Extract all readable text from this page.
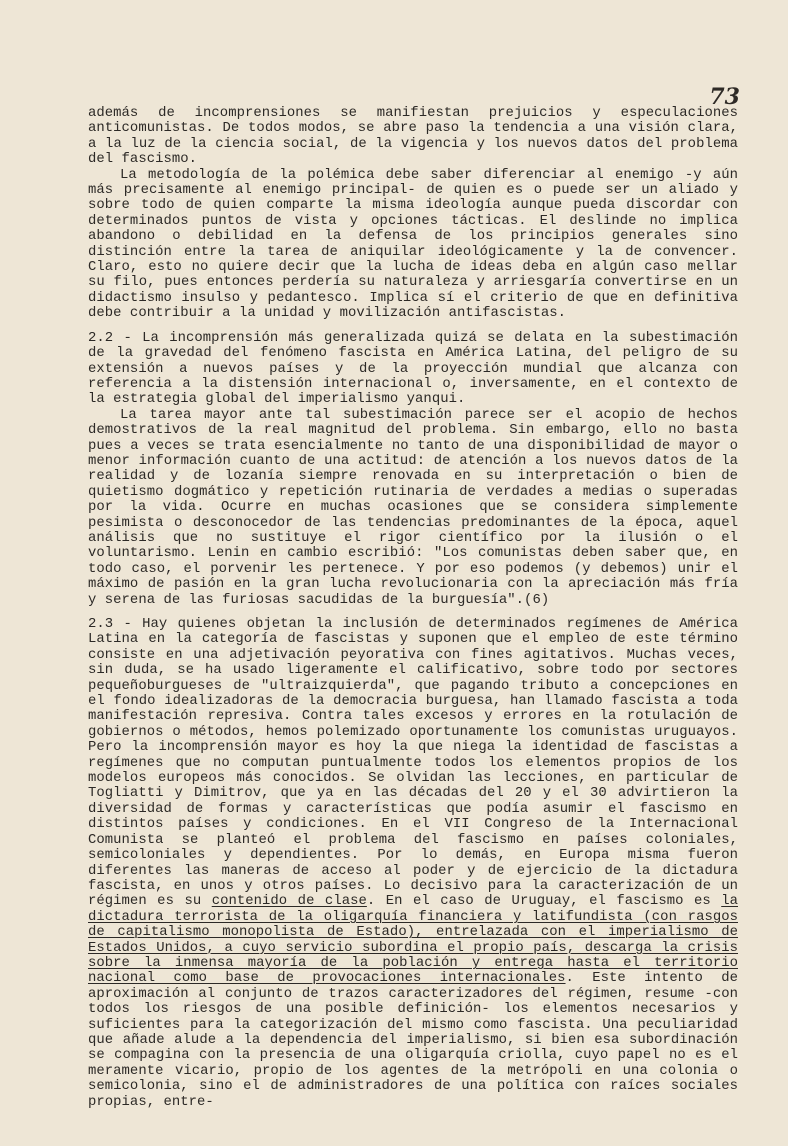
73

además de incomprensiones se manifiestan prejuicios y especulaciones anticomunistas. De todos modos, se abre paso la tendencia a una visión clara, a la luz de la ciencia social, de la vigencia y los nuevos datos del problema del fascismo.

La metodología de la polémica debe saber diferenciar al enemigo -y aún más precisamente al enemigo principal- de quien es o puede ser un aliado y sobre todo de quien comparte la misma ideología aunque pueda discordar con determinados puntos de vista y opciones tácticas. El deslinde no implica abandono o debilidad en la defensa de los principios generales sino distinción entre la tarea de aniquilar ideológicamente y la de convencer. Claro, esto no quiere decir que la lucha de ideas deba en algún caso mellar su filo, pues entonces perdería su naturaleza y arriesgaría convertirse en un didactismo insulso y pedantesco. Implica sí el criterio de que en definitiva debe contribuir a la unidad y movilización antifascistas.

2.2 - La incomprensión más generalizada quizá se delata en la subestimación de la gravedad del fenómeno fascista en América Latina, del peligro de su extensión a nuevos países y de la proyección mundial que alcanza con referencia a la distensión internacional o, inversamente, en el contexto de la estrategia global del imperialismo yanqui.

La tarea mayor ante tal subestimación parece ser el acopio de hechos demostrativos de la real magnitud del problema. Sin embargo, ello no basta pues a veces se trata esencialmente no tanto de una disponibilidad de mayor o menor información cuanto de una actitud: de atención a los nuevos datos de la realidad y de lozanía siempre renovada en su interpretación o bien de quietismo dogmático y repetición rutinaria de verdades a medias o superadas por la vida. Ocurre en muchas ocasiones que se considera simplemente pesimista o desconocedor de las tendencias predominantes de la época, aquel análisis que no sustituye el rigor científico por la ilusión o el voluntarismo. Lenin en cambio escribió: "Los comunistas deben saber que, en todo caso, el porvenir les pertenece. Y por eso podemos (y debemos) unir el máximo de pasión en la gran lucha revolucionaria con la apreciación más fría y serena de las furiosas sacudidas de la burguesía".(6)

2.3 - Hay quienes objetan la inclusión de determinados regímenes de América Latina en la categoría de fascistas y suponen que el empleo de este término consiste en una adjetivación peyorativa con fines agitativos. Muchas veces, sin duda, se ha usado ligeramente el calificativo, sobre todo por sectores pequeñoburgueses de "ultraizquierda", que pagando tributo a concepciones en el fondo idealizadoras de la democracia burguesa, han llamado fascista a toda manifestación represiva. Contra tales excesos y errores en la rotulación de gobiernos o métodos, hemos polemizado oportunamente los comunistas uruguayos. Pero la incomprensión mayor es hoy la que niega la identidad de fascistas a regímenes que no computan puntualmente todos los elementos propios de los modelos europeos más conocidos. Se olvidan las lecciones, en particular de Togliatti y Dimitrov, que ya en las décadas del 20 y el 30 advirtieron la diversidad de formas y características que podía asumir el fascismo en distintos países y condiciones. En el VII Congreso de la Internacional Comunista se planteó el problema del fascismo en países coloniales, semicoloniales y dependientes. Por lo demás, en Europa misma fueron diferentes las maneras de acceso al poder y de ejercicio de la dictadura fascista, en unos y otros países. Lo decisivo para la caracterización de un régimen es su contenido de clase. En el caso de Uruguay, el fascismo es la dictadura terrorista de la oligarquía financiera y latifundista (con rasgos de capitalismo monopolista de Estado), entrelazada con el imperialismo de Estados Unidos, a cuyo servicio subordina el propio país, descarga la crisis sobre la inmensa mayoría de la población y entrega hasta el territorio nacional como base de provocaciones internacionales. Este intento de aproximación al conjunto de trazos caracterizadores del régimen, resume -con todos los riesgos de una posible definición- los elementos necesarios y suficientes para la categorización del mismo como fascista. Una peculiaridad que añade alude a la dependencia del imperialismo, si bien esa subordinación se compagina con la presencia de una oligarquía criolla, cuyo papel no es el meramente vicario, propio de los agentes de la metrópoli en una colonia o semicolonia, sino el de administradores de una política con raíces sociales propias, entre-
